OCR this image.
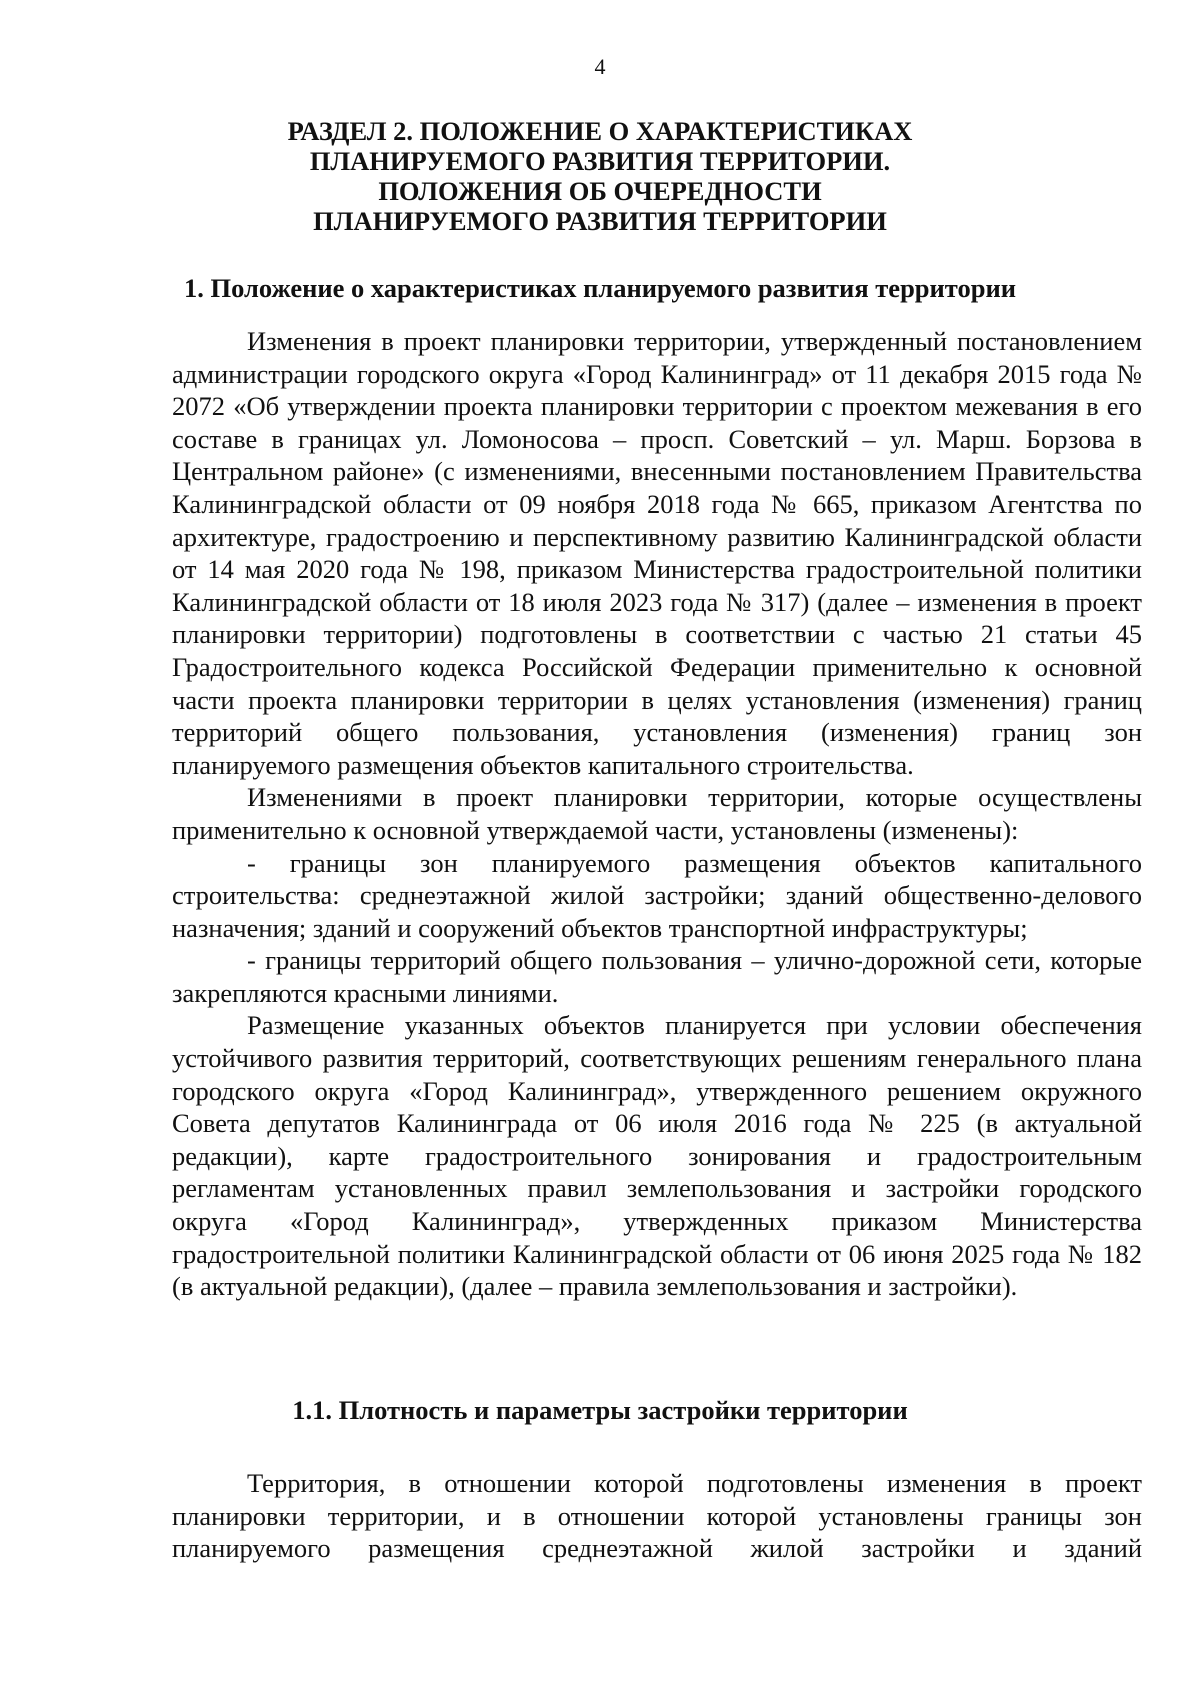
4
РАЗДЕЛ 2. ПОЛОЖЕНИЕ О ХАРАКТЕРИСТИКАХ
ПЛАНИРУЕМОГО РАЗВИТИЯ ТЕРРИТОРИИ.
ПОЛОЖЕНИЯ ОБ ОЧЕРЕДНОСТИ
ПЛАНИРУЕМОГО РАЗВИТИЯ ТЕРРИТОРИИ
1. Положение о характеристиках планируемого развития территории

Изменения в проект планировки территории, утвержденный постановлением администрации городского округа «Город Калининград» от 11 декабря 2015 года № 2072 «Об утверждении проекта планировки территории с проектом межевания в его составе в границах ул. Ломоносова – просп. Советский – ул. Марш. Борзова в Центральном районе» (с изменениями, внесенными постановлением Правительства Калининградской области от 09 ноября 2018 года № 665, приказом Агентства по архитектуре, градостроению и перспективному развитию Калининградской области от 14 мая 2020 года № 198, приказом Министерства градостроительной политики Калининградской области от 18 июля 2023 года № 317) (далее – изменения в проект планировки территории) подготовлены в соответствии с частью 21 статьи 45 Градостроительного кодекса Российской Федерации применительно к основной части проекта планировки территории в целях установления (изменения) границ территорий общего пользования, установления (изменения) границ зон планируемого размещения объектов капитального строительства.

Изменениями в проект планировки территории, которые осуществлены применительно к основной утверждаемой части, установлены (изменены):

- границы зон планируемого размещения объектов капитального строительства: среднеэтажной жилой застройки; зданий общественно-делового назначения; зданий и сооружений объектов транспортной инфраструктуры;

- границы территорий общего пользования – улично-дорожной сети, которые закрепляются красными линиями.

Размещение указанных объектов планируется при условии обеспечения устойчивого развития территорий, соответствующих решениям генерального плана городского округа «Город Калининград», утвержденного решением окружного Совета депутатов Калининграда от 06 июля 2016 года № 225 (в актуальной редакции), карте градостроительного зонирования и градостроительным регламентам установленных правил землепользования и застройки городского округа «Город Калининград», утвержденных приказом Министерства градостроительной политики Калининградской области от 06 июня 2025 года № 182 (в актуальной редакции), (далее – правила землепользования и застройки).

1.1. Плотность и параметры застройки территории

Территория, в отношении которой подготовлены изменения в проект планировки территории, и в отношении которой установлены границы зон планируемого размещения среднеэтажной жилой застройки и зданий
